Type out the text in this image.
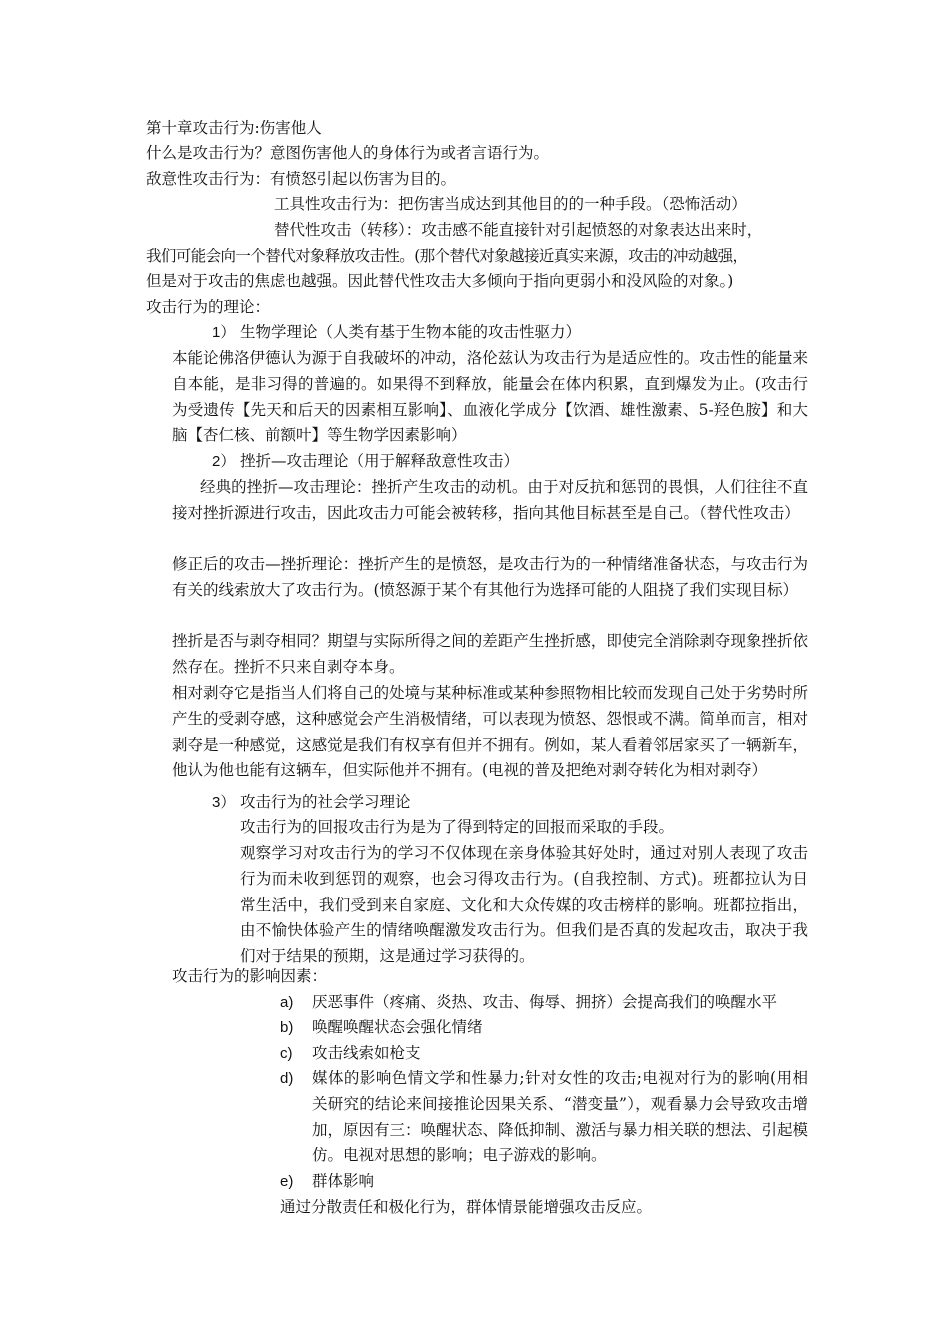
第十章攻击行为:伤害他人
什么是攻击行为？意图伤害他人的身体行为或者言语行为。
敌意性攻击行为：有愤怒引起以伤害为目的。
工具性攻击行为：把伤害当成达到其他目的的一种手段。（恐怖活动）
替代性攻击（转移）：攻击感不能直接针对引起愤怒的对象表达出来时，
我们可能会向一个替代对象释放攻击性。(那个替代对象越接近真实来源，攻击的冲动越强，
但是对于攻击的焦虑也越强。因此替代性攻击大多倾向于指向更弱小和没风险的对象。)
攻击行为的理论：
1） 生物学理论（人类有基于生物本能的攻击性驱力）
本能论佛洛伊德认为源于自我破坏的冲动，洛伦兹认为攻击行为是适应性的。攻击性的能量来自本能，是非习得的普遍的。如果得不到释放，能量会在体内积累，直到爆发为止。(攻击行为受遗传【先天和后天的因素相互影响】、血液化学成分【饮酒、雄性激素、5-羟色胺】和大脑【杏仁核、前额叶】等生物学因素影响）
2） 挫折—攻击理论（用于解释敌意性攻击）
经典的挫折—攻击理论：挫折产生攻击的动机。由于对反抗和惩罚的畏惧，人们往往不直接对挫折源进行攻击，因此攻击力可能会被转移，指向其他目标甚至是自己。（替代性攻击）
修正后的攻击—挫折理论：挫折产生的是愤怒，是攻击行为的一种情绪准备状态，与攻击行为有关的线索放大了攻击行为。(愤怒源于某个有其他行为选择可能的人阻挠了我们实现目标）
挫折是否与剥夺相同？期望与实际所得之间的差距产生挫折感，即使完全消除剥夺现象挫折依然存在。挫折不只来自剥夺本身。
相对剥夺它是指当人们将自己的处境与某种标准或某种参照物相比较而发现自己处于劣势时所产生的受剥夺感，这种感觉会产生消极情绪，可以表现为愤怒、怨恨或不满。简单而言，相对剥夺是一种感觉，这感觉是我们有权享有但并不拥有。例如，某人看着邻居家买了一辆新车，他认为他也能有这辆车，但实际他并不拥有。(电视的普及把绝对剥夺转化为相对剥夺）
3） 攻击行为的社会学习理论
攻击行为的回报攻击行为是为了得到特定的回报而采取的手段。
观察学习对攻击行为的学习不仅体现在亲身体验其好处时，通过对别人表现了攻击行为而未收到惩罚的观察，也会习得攻击行为。(自我控制、方式)。班都拉认为日常生活中，我们受到来自家庭、文化和大众传媒的攻击榜样的影响。班都拉指出，由不愉快体验产生的情绪唤醒激发攻击行为。但我们是否真的发起攻击，取决于我们对于结果的预期，这是通过学习获得的。
攻击行为的影响因素：
a) 厌恶事件（疼痛、炎热、攻击、侮辱、拥挤）会提高我们的唤醒水平
b) 唤醒唤醒状态会强化情绪
c) 攻击线索如枪支
d) 媒体的影响色情文学和性暴力;针对女性的攻击;电视对行为的影响(用相关研究的结论来间接推论因果关系、“潜变量”），观看暴力会导致攻击增加，原因有三：唤醒状态、降低抑制、激活与暴力相关联的想法、引起模仿。电视对思想的影响；电子游戏的影响。
e) 群体影响
通过分散责任和极化行为，群体情景能增强攻击反应。
